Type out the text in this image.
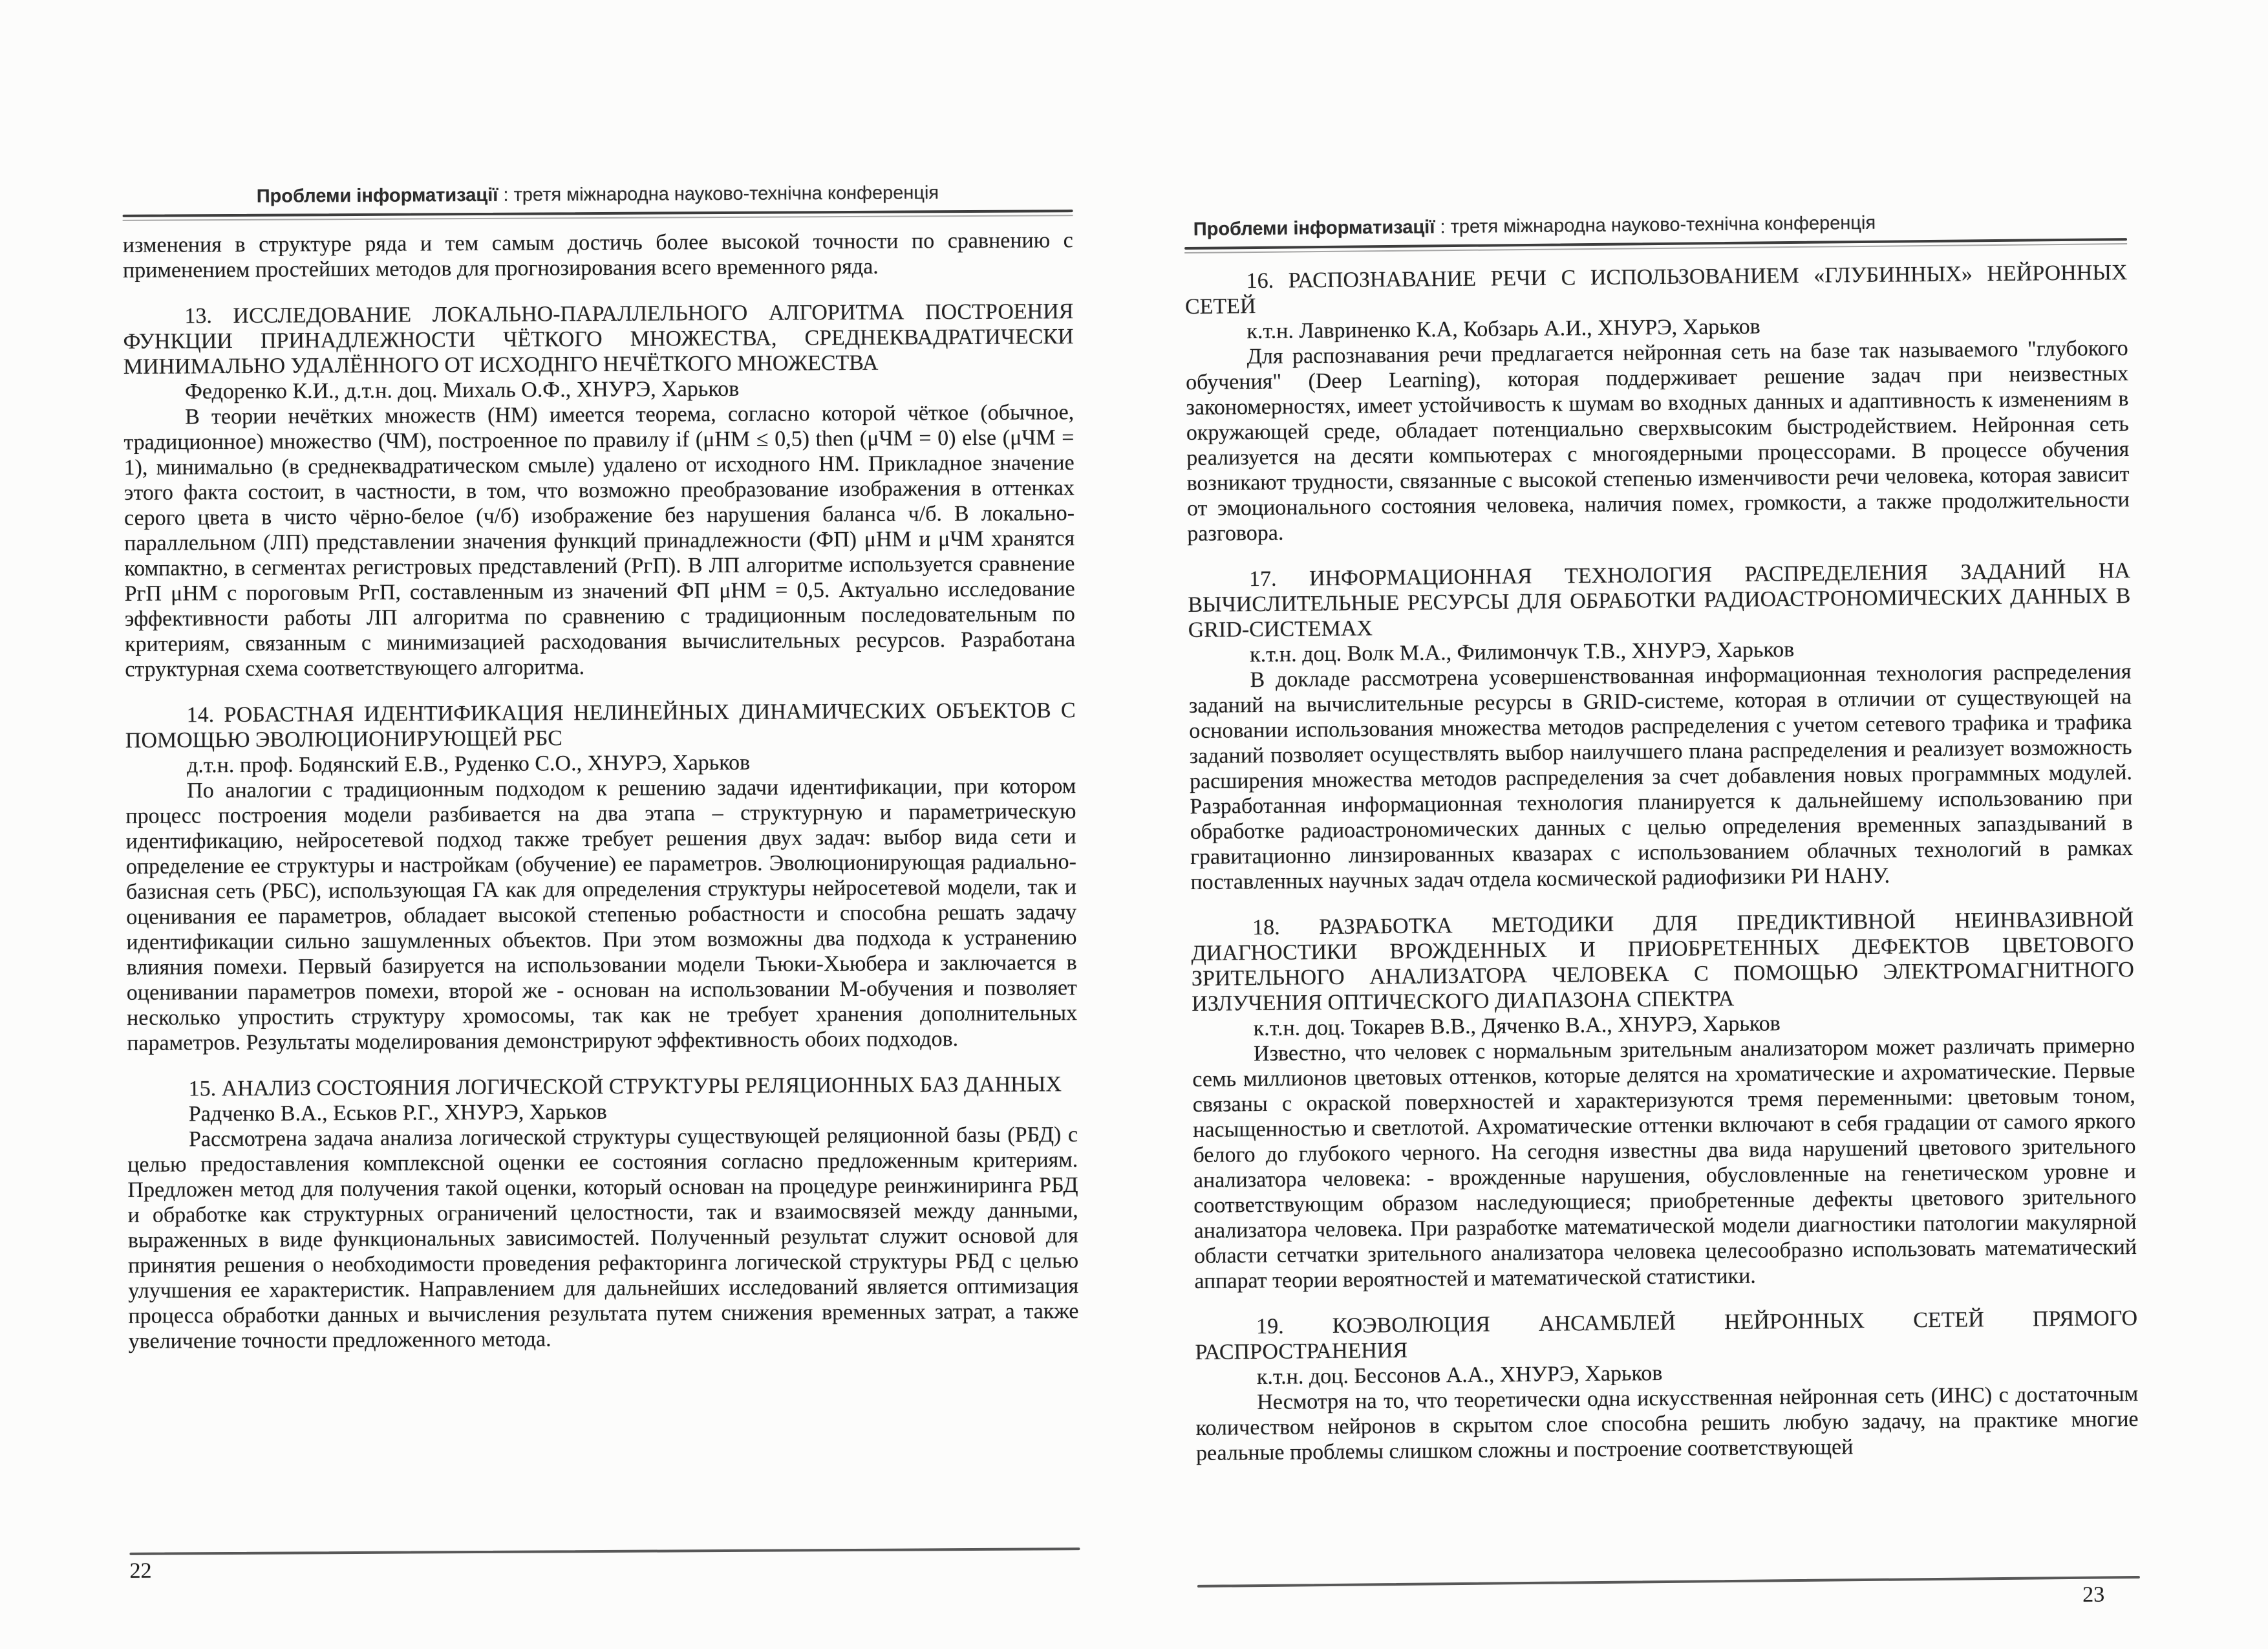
Проблеми інформатизації : третя міжнародна науково-технічна конференція

изменения в структуре ряда и тем самым достичь более высокой точности по сравнению с применением простейших методов для прогнозирования всего временного ряда.

13. ИССЛЕДОВАНИЕ ЛОКАЛЬНО-ПАРАЛЛЕЛЬНОГО АЛГОРИТМА ПОСТРОЕНИЯ ФУНКЦИИ ПРИНАДЛЕЖНОСТИ ЧЁТКОГО МНОЖЕСТВА, СРЕДНЕКВАДРАТИЧЕСКИ МИНИМАЛЬНО УДАЛЁННОГО ОТ ИСХОДНГО НЕЧЁТКОГО МНОЖЕСТВА

Федоренко К.И., д.т.н. доц. Михаль О.Ф., ХНУРЭ, Харьков

В теории нечётких множеств (НМ) имеется теорема, согласно которой чёткое (обычное, традиционное) множество (ЧМ), построенное по правилу if (μНМ ≤ 0,5) then (μЧМ = 0) else (μЧМ = 1), минимально (в среднеквадратическом смыле) удалено от исходного НМ. Прикладное значение этого факта состоит, в частности, в том, что возможно преобразование изображения в оттенках серого цвета в чисто чёрно-белое (ч/б) изображение без нарушения баланса ч/б. В локально-параллельном (ЛП) представлении значения функций принадлежности (ФП) μНМ и μЧМ хранятся компактно, в сегментах регистровых представлений (РгП). В ЛП алгоритме используется сравнение РгП μНМ с пороговым РгП, составленным из значений ФП μНМ = 0,5. Актуально исследование эффективности работы ЛП алгоритма по сравнению с традиционным последовательным по критериям, связанным с минимизацией расходования вычислительных ресурсов. Разработана структурная схема соответствующего алгоритма.

14. РОБАСТНАЯ ИДЕНТИФИКАЦИЯ НЕЛИНЕЙНЫХ ДИНАМИЧЕСКИХ ОБЪЕКТОВ С ПОМОЩЬЮ ЭВОЛЮЦИОНИРУЮЩЕЙ РБС

д.т.н. проф. Бодянский Е.В., Руденко С.О., ХНУРЭ, Харьков

По аналогии с традиционным подходом к решению задачи идентификации, при котором процесс построения модели разбивается на два этапа – структурную и параметрическую идентификацию, нейросетевой подход также требует решения двух задач: выбор вида сети и определение ее структуры и настройкам (обучение) ее параметров. Эволюционирующая радиально-базисная сеть (РБС), использующая ГА как для определения структуры нейросетевой модели, так и оценивания ее параметров, обладает высокой степенью робастности и способна решать задачу идентификации сильно зашумленных объектов. При этом возможны два подхода к устранению влияния помехи. Первый базируется на использовании модели Тьюки-Хьюбера и заключается в оценивании параметров помехи, второй же - основан на использовании М-обучения и позволяет несколько упростить структуру хромосомы, так как не требует хранения дополнительных параметров. Результаты моделирования демонстрируют эффективность обоих подходов.

15. АНАЛИЗ СОСТОЯНИЯ ЛОГИЧЕСКОЙ СТРУКТУРЫ РЕЛЯЦИОННЫХ БАЗ ДАННЫХ

Радченко В.А., Еськов Р.Г., ХНУРЭ, Харьков

Рассмотрена задача анализа логической структуры существующей реляционной базы (РБД) с целью предоставления комплексной оценки ее состояния согласно предложенным критериям. Предложен метод для получения такой оценки, который основан на процедуре реинжиниринга РБД и обработке как структурных ограничений целостности, так и взаимосвязей между данными, выраженных в виде функциональных зависимостей. Полученный результат служит основой для принятия решения о необходимости проведения рефакторинга логической структуры РБД с целью улучшения ее характеристик. Направлением для дальнейших исследований является оптимизация процесса обработки данных и вычисления результата путем снижения временных затрат, а также увеличение точности предложенного метода.

22
Проблеми інформатизації : третя міжнародна науково-технічна конференція

16. РАСПОЗНАВАНИЕ РЕЧИ С ИСПОЛЬЗОВАНИЕМ «ГЛУБИННЫХ» НЕЙРОННЫХ СЕТЕЙ

к.т.н. Лавриненко К.А, Кобзарь А.И., ХНУРЭ, Харьков

Для распознавания речи предлагается нейронная сеть на базе так называемого "глубокого обучения" (Deep Learning), которая поддерживает решение задач при неизвестных закономерностях, имеет устойчивость к шумам во входных данных и адаптивность к изменениям в окружающей среде, обладает потенциально сверхвысоким быстродействием. Нейронная сеть реализуется на десяти компьютерах с многоядерными процессорами. В процессе обучения возникают трудности, связанные с высокой степенью изменчивости речи человека, которая зависит от эмоционального состояния человека, наличия помех, громкости, а также продолжительности разговора.

17. ИНФОРМАЦИОННАЯ ТЕХНОЛОГИЯ РАСПРЕДЕЛЕНИЯ ЗАДАНИЙ НА ВЫЧИСЛИТЕЛЬНЫЕ РЕСУРСЫ ДЛЯ ОБРАБОТКИ РАДИОАСТРОНОМИЧЕСКИХ ДАННЫХ В GRID-СИСТЕМАХ

к.т.н. доц. Волк М.А., Филимончук Т.В., ХНУРЭ, Харьков

В докладе рассмотрена усовершенствованная информационная технология распределения заданий на вычислительные ресурсы в GRID-системе, которая в отличии от существующей на основании использования множества методов распределения с учетом сетевого трафика и трафика заданий позволяет осуществлять выбор наилучшего плана распределения и реализует возможность расширения множества методов распределения за счет добавления новых программных модулей. Разработанная информационная технология планируется к дальнейшему использованию при обработке радиоастрономических данных с целью определения временных запаздываний в гравитационно линзированных квазарах с использованием облачных технологий в рамках поставленных научных задач отдела космической радиофизики РИ НАНУ.

18. РАЗРАБОТКА МЕТОДИКИ ДЛЯ ПРЕДИКТИВНОЙ НЕИНВАЗИВНОЙ ДИАГНОСТИКИ ВРОЖДЕННЫХ И ПРИОБРЕТЕННЫХ ДЕФЕКТОВ ЦВЕТОВОГО ЗРИТЕЛЬНОГО АНАЛИЗАТОРА ЧЕЛОВЕКА С ПОМОЩЬЮ ЭЛЕКТРОМАГНИТНОГО ИЗЛУЧЕНИЯ ОПТИЧЕСКОГО ДИАПАЗОНА СПЕКТРА

к.т.н. доц. Токарев В.В., Дяченко В.А., ХНУРЭ, Харьков

Известно, что человек с нормальным зрительным анализатором может различать примерно семь миллионов цветовых оттенков, которые делятся на хроматические и ахроматические. Первые связаны с окраской поверхностей и характеризуются тремя переменными: цветовым тоном, насыщенностью и светлотой. Ахроматические оттенки включают в себя градации от самого яркого белого до глубокого черного. На сегодня известны два вида нарушений цветового зрительного анализатора человека: - врожденные нарушения, обусловленные на генетическом уровне и соответствующим образом наследующиеся; приобретенные дефекты цветового зрительного анализатора человека. При разработке математической модели диагностики патологии макулярной области сетчатки зрительного анализатора человека целесообразно использовать математический аппарат теории вероятностей и математической статистики.

19. КОЭВОЛЮЦИЯ АНСАМБЛЕЙ НЕЙРОННЫХ СЕТЕЙ ПРЯМОГО РАСПРОСТРАНЕНИЯ

к.т.н. доц. Бессонов А.А., ХНУРЭ, Харьков

Несмотря на то, что теоретически одна искусственная нейронная сеть (ИНС) с достаточным количеством нейронов в скрытом слое способна решить любую задачу, на практике многие реальные проблемы слишком сложны и построение соответствующей

23
